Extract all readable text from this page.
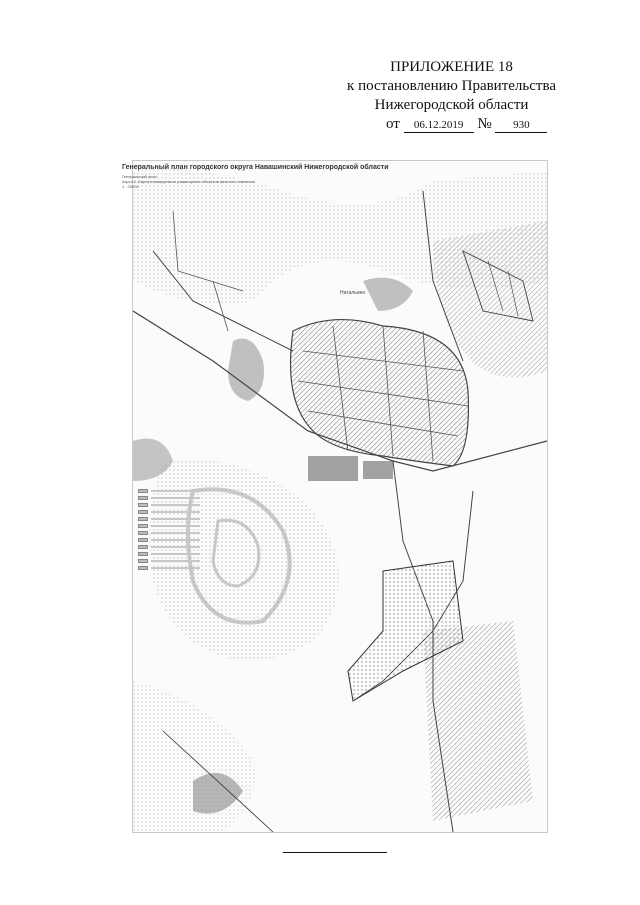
ПРИЛОЖЕНИЕ 18
к постановлению Правительства
Нижегородской области
от 06.12.2019 № 930
Генеральный план городского округа Навашинский Нижегородской области
Генеральный план
Карта 2. Карта планируемого размещения объектов местного значения
1 : 25000
Натальино
